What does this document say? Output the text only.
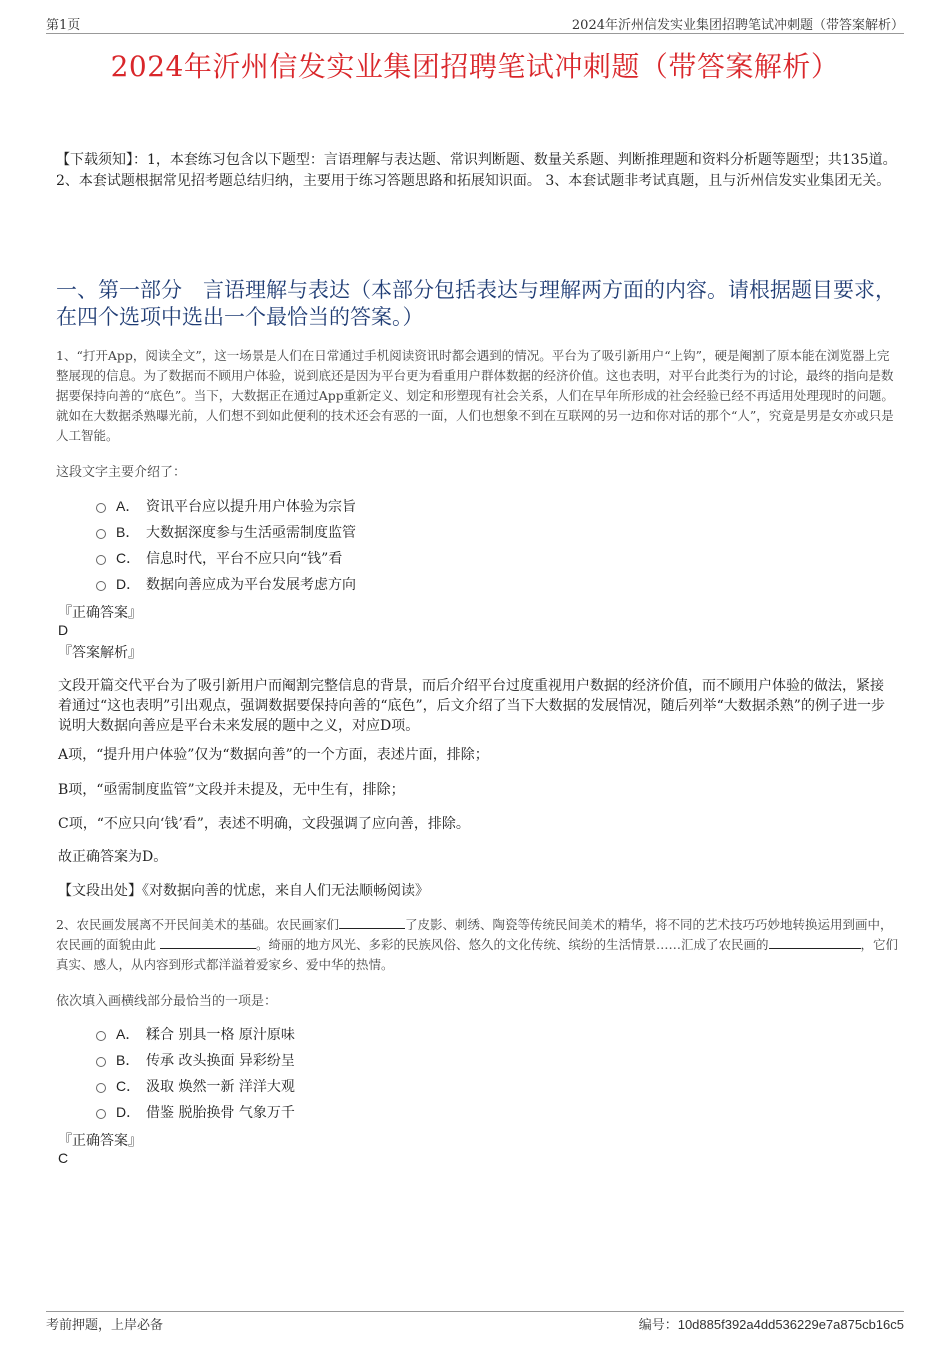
第1页	2024年沂州信发实业集团招聘笔试冲刺题（带答案解析）
2024年沂州信发实业集团招聘笔试冲刺题（带答案解析）
【下载须知】：1，本套练习包含以下题型：言语理解与表达题、常识判断题、数量关系题、判断推理题和资料分析题等题型；共135道。 2、本套试题根据常见招考题总结归纳，主要用于练习答题思路和拓展知识面。 3、本套试题非考试真题，且与沂州信发实业集团无关。
一、第一部分　言语理解与表达（本部分包括表达与理解两方面的内容。请根据题目要求，在四个选项中选出一个最恰当的答案。）
1、“打开App，阅读全文”，这一场景是人们在日常通过手机阅读资讯时都会遇到的情况。平台为了吸引新用户“上钩”，硬是阉割了原本能在浏览器上完整展现的信息。为了数据而不顾用户体验，说到底还是因为平台更为看重用户群体数据的经济价值。这也表明，对平台此类行为的讨论，最终的指向是数据要保持向善的“底色”。当下，大数据正在通过App重新定义、划定和形塑现有社会关系，人们在早年所形成的社会经验已经不再适用处理现时的问题。就如在大数据杀熟曝光前，人们想不到如此便利的技术还会有恶的一面，人们也想象不到在互联网的另一边和你对话的那个“人”，究竟是男是女亦或只是人工智能。
这段文字主要介绍了：
A． 资讯平台应以提升用户体验为宗旨
B． 大数据深度参与生活亟需制度监管
C． 信息时代，平台不应只向“钱”看
D． 数据向善应成为平台发展考虑方向
『正确答案』
D
『答案解析』
文段开篇交代平台为了吸引新用户而阉割完整信息的背景，而后介绍平台过度重视用户数据的经济价值，而不顾用户体验的做法，紧接着通过“这也表明”引出观点，强调数据要保持向善的“底色”，后文介绍了当下大数据的发展情况，随后列举“大数据杀熟”的例子进一步说明大数据向善应是平台未来发展的题中之义，对应D项。
A项，“提升用户体验”仅为“数据向善”的一个方面，表述片面，排除；
B项，“亟需制度监管”文段并未提及，无中生有，排除；
C项，“不应只向‘钱’看”，表述不明确，文段强调了应向善，排除。
故正确答案为D。
【文段出处】《对数据向善的忧虑，来自人们无法顺畅阅读》
2、农民画发展离不开民间美术的基础。农民画家们	了皮影、刺绣、陶瓷等传统民间美术的精华，将不同的艺术技巧巧妙地转换运用到画中，农民画的面貌由此	。绮丽的地方风光、多彩的民族风俗、悠久的文化传统、缤纷的生活情景……汇成了农民画的	，它们真实、感人，从内容到形式都洋溢着爱家乡、爱中华的热情。
依次填入画横线部分最恰当的一项是：
A． 糅合 别具一格 原汁原味
B． 传承 改头换面 异彩纷呈
C． 汲取 焕然一新 洋洋大观
D． 借鉴 脱胎换骨 气象万千
『正确答案』
C
考前押题，上岸必备	编号：10d885f392a4dd536229e7a875cb16c5
